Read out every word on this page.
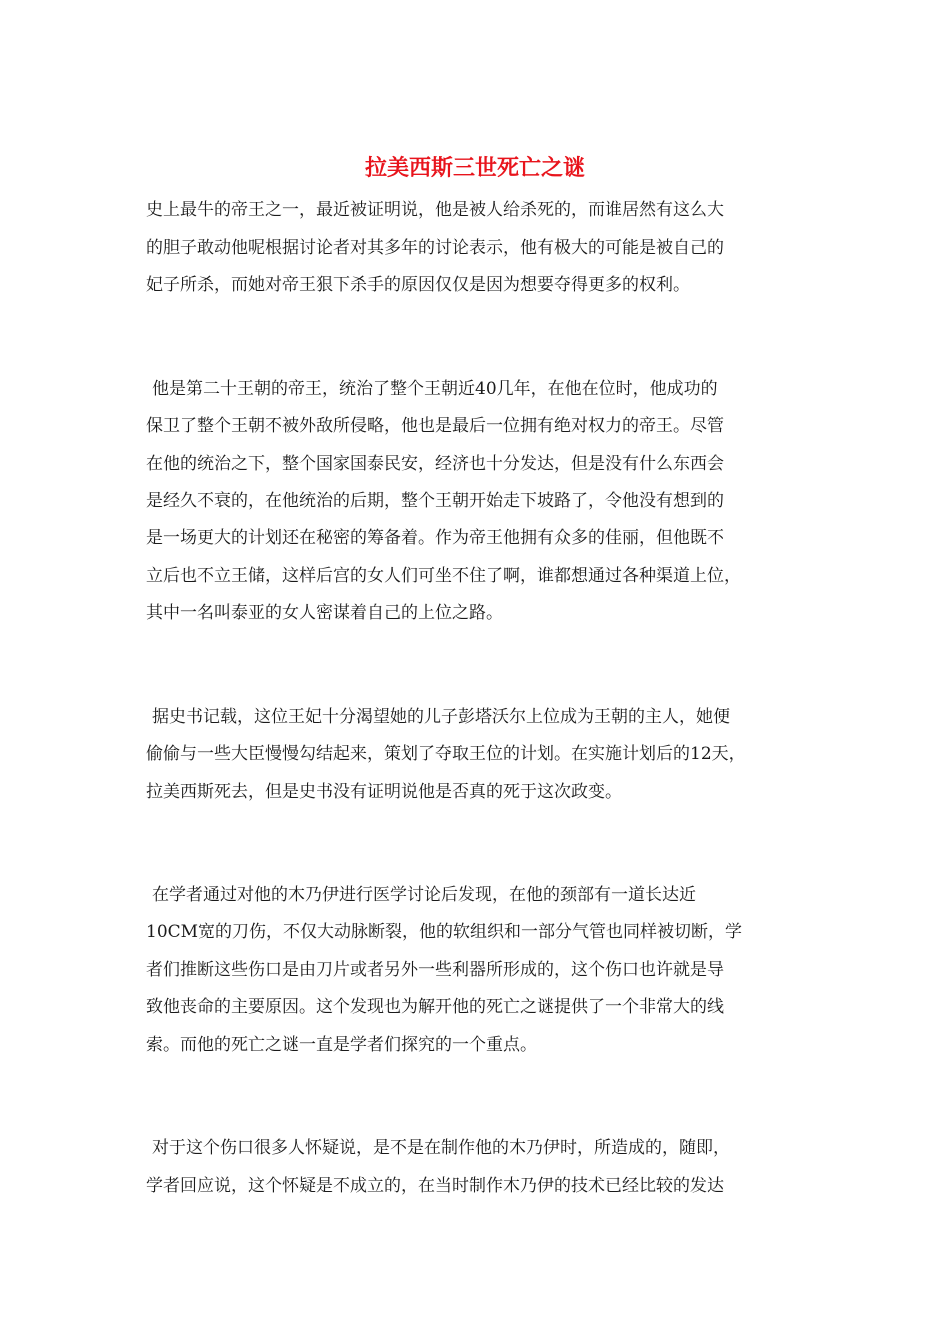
拉美西斯三世死亡之谜
史上最牛的帝王之一，最近被证明说，他是被人给杀死的，而谁居然有这么大
的胆子敢动他呢根据讨论者对其多年的讨论表示，他有极大的可能是被自己的
妃子所杀，而她对帝王狠下杀手的原因仅仅是因为想要夺得更多的权利。
他是第二十王朝的帝王，统治了整个王朝近40几年，在他在位时，他成功的
保卫了整个王朝不被外敌所侵略，他也是最后一位拥有绝对权力的帝王。尽管
在他的统治之下，整个国家国泰民安，经济也十分发达，但是没有什么东西会
是经久不衰的，在他统治的后期，整个王朝开始走下坡路了，令他没有想到的
是一场更大的计划还在秘密的筹备着。作为帝王他拥有众多的佳丽，但他既不
立后也不立王储，这样后宫的女人们可坐不住了啊，谁都想通过各种渠道上位，
其中一名叫泰亚的女人密谋着自己的上位之路。
据史书记载，这位王妃十分渴望她的儿子彭塔沃尔上位成为王朝的主人，她便
偷偷与一些大臣慢慢勾结起来，策划了夺取王位的计划。在实施计划后的12天，
拉美西斯死去，但是史书没有证明说他是否真的死于这次政变。
在学者通过对他的木乃伊进行医学讨论后发现，在他的颈部有一道长达近
10CM宽的刀伤，不仅大动脉断裂，他的软组织和一部分气管也同样被切断，学
者们推断这些伤口是由刀片或者另外一些利器所形成的，这个伤口也许就是导
致他丧命的主要原因。这个发现也为解开他的死亡之谜提供了一个非常大的线
索。而他的死亡之谜一直是学者们探究的一个重点。
对于这个伤口很多人怀疑说，是不是在制作他的木乃伊时，所造成的，随即，
学者回应说，这个怀疑是不成立的，在当时制作木乃伊的技术已经比较的发达
